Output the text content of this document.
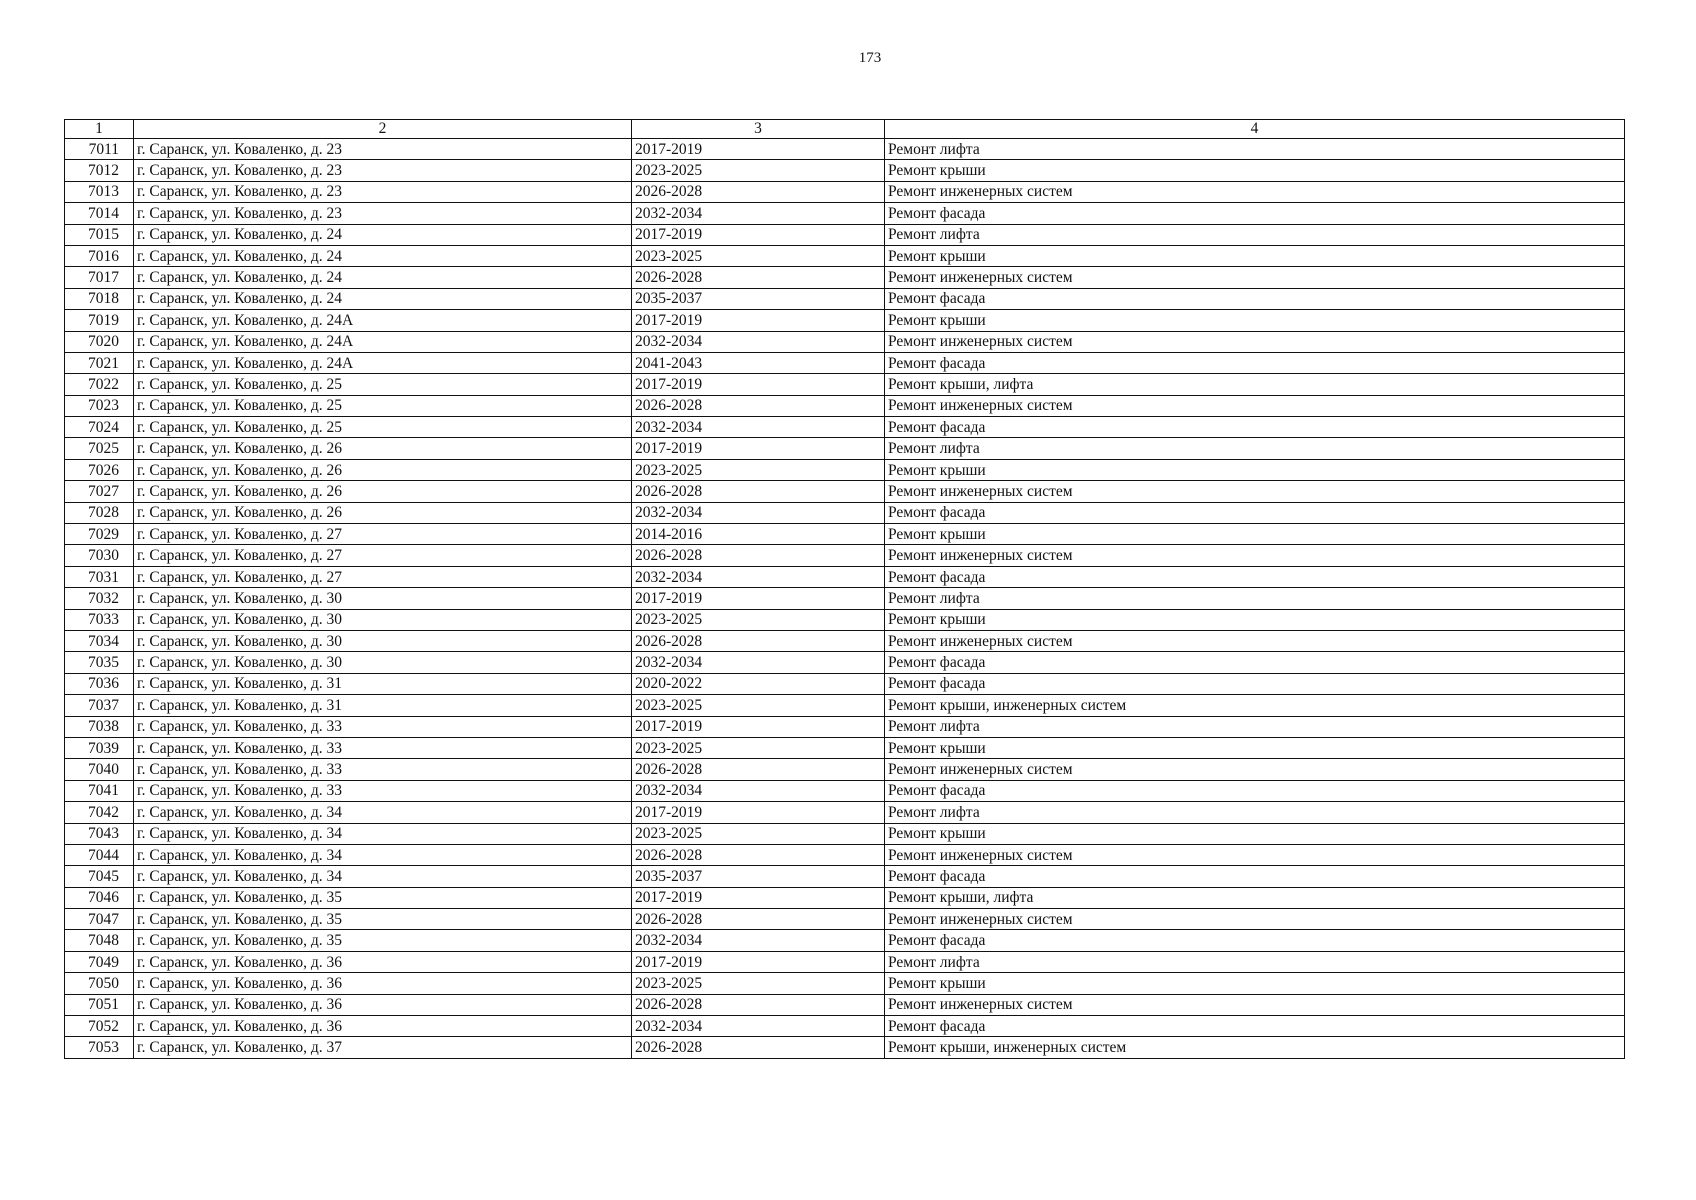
173
1	2	3	4
7011	г. Саранск, ул. Коваленко, д. 23	2017-2019	Ремонт лифта
7012	г. Саранск, ул. Коваленко, д. 23	2023-2025	Ремонт крыши
7013	г. Саранск, ул. Коваленко, д. 23	2026-2028	Ремонт инженерных систем
7014	г. Саранск, ул. Коваленко, д. 23	2032-2034	Ремонт фасада
7015	г. Саранск, ул. Коваленко, д. 24	2017-2019	Ремонт лифта
7016	г. Саранск, ул. Коваленко, д. 24	2023-2025	Ремонт крыши
7017	г. Саранск, ул. Коваленко, д. 24	2026-2028	Ремонт инженерных систем
7018	г. Саранск, ул. Коваленко, д. 24	2035-2037	Ремонт фасада
7019	г. Саранск, ул. Коваленко, д. 24А	2017-2019	Ремонт крыши
7020	г. Саранск, ул. Коваленко, д. 24А	2032-2034	Ремонт инженерных систем
7021	г. Саранск, ул. Коваленко, д. 24А	2041-2043	Ремонт фасада
7022	г. Саранск, ул. Коваленко, д. 25	2017-2019	Ремонт крыши, лифта
7023	г. Саранск, ул. Коваленко, д. 25	2026-2028	Ремонт инженерных систем
7024	г. Саранск, ул. Коваленко, д. 25	2032-2034	Ремонт фасада
7025	г. Саранск, ул. Коваленко, д. 26	2017-2019	Ремонт лифта
7026	г. Саранск, ул. Коваленко, д. 26	2023-2025	Ремонт крыши
7027	г. Саранск, ул. Коваленко, д. 26	2026-2028	Ремонт инженерных систем
7028	г. Саранск, ул. Коваленко, д. 26	2032-2034	Ремонт фасада
7029	г. Саранск, ул. Коваленко, д. 27	2014-2016	Ремонт крыши
7030	г. Саранск, ул. Коваленко, д. 27	2026-2028	Ремонт инженерных систем
7031	г. Саранск, ул. Коваленко, д. 27	2032-2034	Ремонт фасада
7032	г. Саранск, ул. Коваленко, д. 30	2017-2019	Ремонт лифта
7033	г. Саранск, ул. Коваленко, д. 30	2023-2025	Ремонт крыши
7034	г. Саранск, ул. Коваленко, д. 30	2026-2028	Ремонт инженерных систем
7035	г. Саранск, ул. Коваленко, д. 30	2032-2034	Ремонт фасада
7036	г. Саранск, ул. Коваленко, д. 31	2020-2022	Ремонт фасада
7037	г. Саранск, ул. Коваленко, д. 31	2023-2025	Ремонт крыши, инженерных систем
7038	г. Саранск, ул. Коваленко, д. 33	2017-2019	Ремонт лифта
7039	г. Саранск, ул. Коваленко, д. 33	2023-2025	Ремонт крыши
7040	г. Саранск, ул. Коваленко, д. 33	2026-2028	Ремонт инженерных систем
7041	г. Саранск, ул. Коваленко, д. 33	2032-2034	Ремонт фасада
7042	г. Саранск, ул. Коваленко, д. 34	2017-2019	Ремонт лифта
7043	г. Саранск, ул. Коваленко, д. 34	2023-2025	Ремонт крыши
7044	г. Саранск, ул. Коваленко, д. 34	2026-2028	Ремонт инженерных систем
7045	г. Саранск, ул. Коваленко, д. 34	2035-2037	Ремонт фасада
7046	г. Саранск, ул. Коваленко, д. 35	2017-2019	Ремонт крыши, лифта
7047	г. Саранск, ул. Коваленко, д. 35	2026-2028	Ремонт инженерных систем
7048	г. Саранск, ул. Коваленко, д. 35	2032-2034	Ремонт фасада
7049	г. Саранск, ул. Коваленко, д. 36	2017-2019	Ремонт лифта
7050	г. Саранск, ул. Коваленко, д. 36	2023-2025	Ремонт крыши
7051	г. Саранск, ул. Коваленко, д. 36	2026-2028	Ремонт инженерных систем
7052	г. Саранск, ул. Коваленко, д. 36	2032-2034	Ремонт фасада
7053	г. Саранск, ул. Коваленко, д. 37	2026-2028	Ремонт крыши, инженерных систем
